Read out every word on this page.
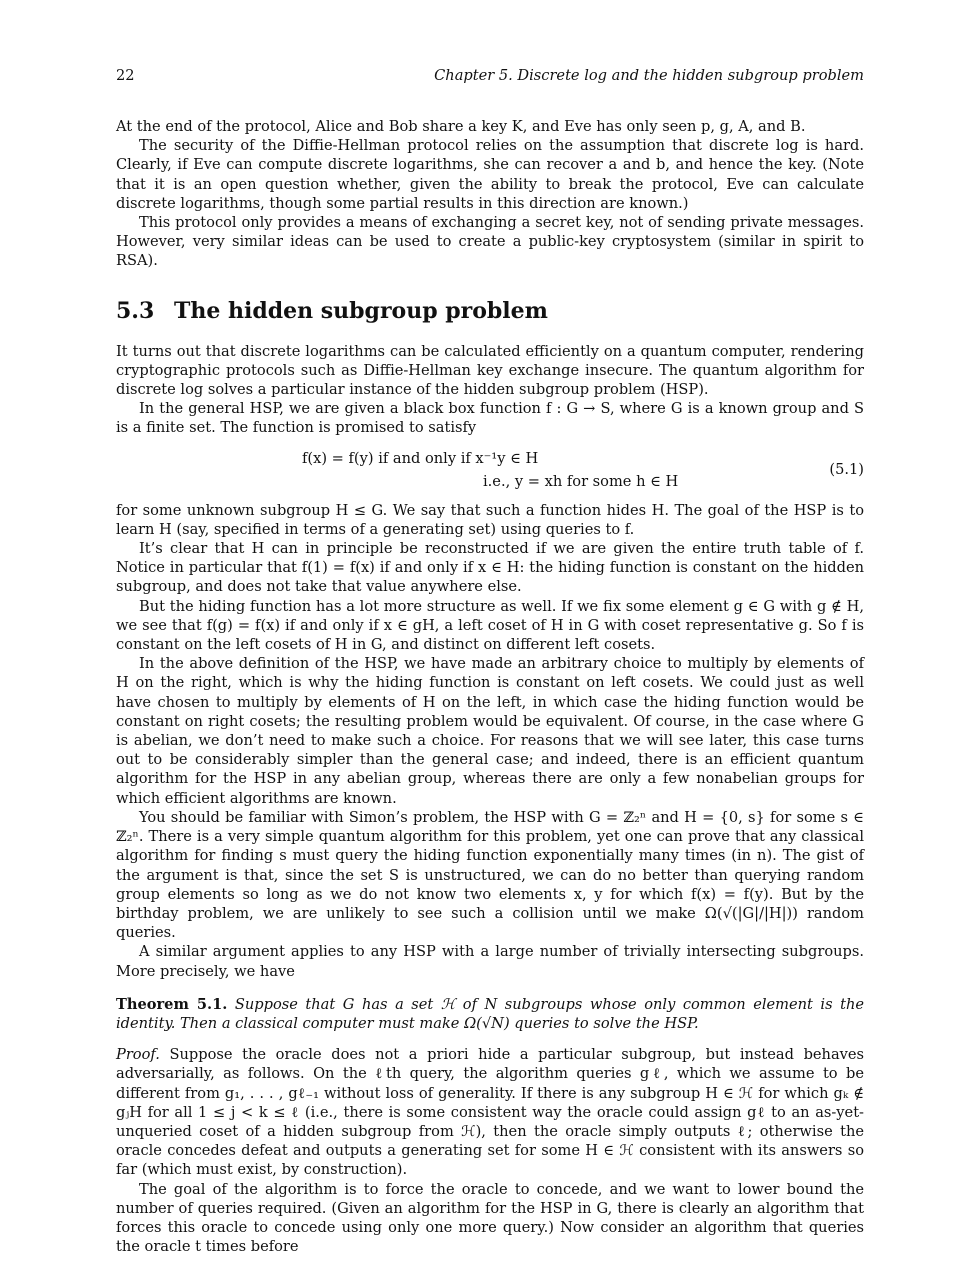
22	Chapter 5. Discrete log and the hidden subgroup problem

At the end of the protocol, Alice and Bob share a key K, and Eve has only seen p, g, A, and B.

The security of the Diffie-Hellman protocol relies on the assumption that discrete log is hard. Clearly, if Eve can compute discrete logarithms, she can recover a and b, and hence the key. (Note that it is an open question whether, given the ability to break the protocol, Eve can calculate discrete logarithms, though some partial results in this direction are known.)

This protocol only provides a means of exchanging a secret key, not of sending private messages. However, very similar ideas can be used to create a public-key cryptosystem (similar in spirit to RSA).

5.3 The hidden subgroup problem

It turns out that discrete logarithms can be calculated efficiently on a quantum computer, rendering cryptographic protocols such as Diffie-Hellman key exchange insecure. The quantum algorithm for discrete log solves a particular instance of the hidden subgroup problem (HSP).

In the general HSP, we are given a black box function f : G → S, where G is a known group and S is a finite set. The function is promised to satisfy

f(x) = f(y) if and only if x⁻¹y ∈ H
i.e., y = xh for some h ∈ H
(5.1)

for some unknown subgroup H ≤ G. We say that such a function hides H. The goal of the HSP is to learn H (say, specified in terms of a generating set) using queries to f.

It’s clear that H can in principle be reconstructed if we are given the entire truth table of f. Notice in particular that f(1) = f(x) if and only if x ∈ H: the hiding function is constant on the hidden subgroup, and does not take that value anywhere else.

But the hiding function has a lot more structure as well. If we fix some element g ∈ G with g ∉ H, we see that f(g) = f(x) if and only if x ∈ gH, a left coset of H in G with coset representative g. So f is constant on the left cosets of H in G, and distinct on different left cosets.

In the above definition of the HSP, we have made an arbitrary choice to multiply by elements of H on the right, which is why the hiding function is constant on left cosets. We could just as well have chosen to multiply by elements of H on the left, in which case the hiding function would be constant on right cosets; the resulting problem would be equivalent. Of course, in the case where G is abelian, we don’t need to make such a choice. For reasons that we will see later, this case turns out to be considerably simpler than the general case; and indeed, there is an efficient quantum algorithm for the HSP in any abelian group, whereas there are only a few nonabelian groups for which efficient algorithms are known.

You should be familiar with Simon’s problem, the HSP with G = ℤ₂ⁿ and H = {0, s} for some s ∈ ℤ₂ⁿ. There is a very simple quantum algorithm for this problem, yet one can prove that any classical algorithm for finding s must query the hiding function exponentially many times (in n). The gist of the argument is that, since the set S is unstructured, we can do no better than querying random group elements so long as we do not know two elements x, y for which f(x) = f(y). But by the birthday problem, we are unlikely to see such a collision until we make Ω(√(|G|/|H|)) random queries.

A similar argument applies to any HSP with a large number of trivially intersecting subgroups. More precisely, we have

Theorem 5.1. Suppose that G has a set ℋ of N subgroups whose only common element is the identity. Then a classical computer must make Ω(√N) queries to solve the HSP.

Proof. Suppose the oracle does not a priori hide a particular subgroup, but instead behaves adversarially, as follows. On the ℓth query, the algorithm queries gℓ, which we assume to be different from g₁, . . . , gℓ₋₁ without loss of generality. If there is any subgroup H ∈ ℋ for which gₖ ∉ gⱼH for all 1 ≤ j < k ≤ ℓ (i.e., there is some consistent way the oracle could assign gℓ to an as-yet-unqueried coset of a hidden subgroup from ℋ), then the oracle simply outputs ℓ; otherwise the oracle concedes defeat and outputs a generating set for some H ∈ ℋ consistent with its answers so far (which must exist, by construction).

The goal of the algorithm is to force the oracle to concede, and we want to lower bound the number of queries required. (Given an algorithm for the HSP in G, there is clearly an algorithm that forces this oracle to concede using only one more query.) Now consider an algorithm that queries the oracle t times before
